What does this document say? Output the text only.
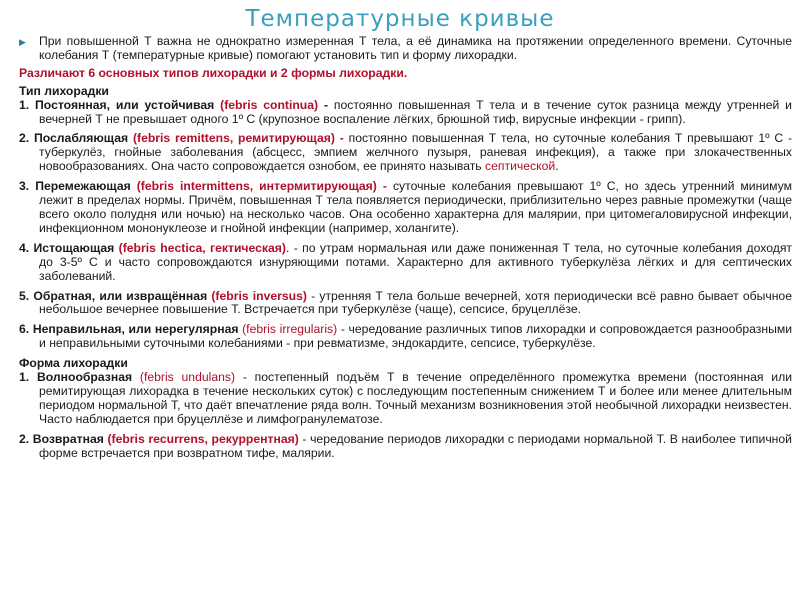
Температурные кривые
▶	При повышенной Т важна не однократно измеренная Т тела, а её динамика на протяжении определенного времени. Суточные колебания Т (температурные кривые) помогают установить тип и форму лихорадки.

Различают 6 основных типов лихорадки и 2 формы лихорадки.

Тип лихорадки

1. Постоянная, или устойчивая (febris continua) - постоянно повышенная Т тела и в течение суток разница между утренней и вечерней Т не превышает одного 1º С (крупозное воспаление лёгких, брюшной тиф, вирусные инфекции - грипп).

2. Послабляющая (febris remittens, ремитирующая) - постоянно повышенная Т тела, но суточные колебания Т превышают 1º С - туберкулёз, гнойные заболевания (абсцесс, эмпием желчного пузыря, раневая инфекция), а также при злокачественных новообразованиях. Она часто сопровождается ознобом, ее принято называть септической.

3. Перемежающая (febris intermittens, интермитирующая) - суточные колебания превышают 1º С, но здесь утренний минимум лежит в пределах нормы. Причём, повышенная Т тела появляется периодически, приблизительно через равные промежутки (чаще всего около полудня или ночью) на несколько часов. Она особенно характерна для малярии, при цитомегаловирусной инфекции, инфекционном мононуклеозе и гнойной инфекции (например, холангите).

4. Истощающая (febris hectica, гектическая). - по утрам нормальная или даже пониженная Т тела, но суточные колебания доходят до 3-5º С и часто сопровождаются изнуряющими потами. Характерно для активного туберкулёза лёгких и для септических заболеваний.

5. Обратная, или извращённая (febris inversus) - утренняя Т тела больше вечерней, хотя периодически всё равно бывает обычное небольшое вечернее повышение Т. Встречается при туберкулёзе (чаще), сепсисе, бруцеллёзе.

6. Неправильная, или нерегулярная (febris irregularis) - чередование различных типов лихорадки и сопровождается разнообразными и неправильными суточными колебаниями - при ревматизме, эндокардите, сепсисе, туберкулёзе.

Форма лихорадки

1. Волнообразная (febris undulans) - постепенный подъём Т в течение определённого промежутка времени (постоянная или ремитирующая лихорадка в течение нескольких суток) с последующим постепенным снижением Т и более или менее длительным периодом нормальной Т, что даёт впечатление ряда волн. Точный механизм возникновения этой необычной лихорадки неизвестен. Часто наблюдается при бруцеллёзе и лимфогранулематозе.

2. Возвратная (febris recurrens, рекуррентная) - чередование периодов лихорадки с периодами нормальной Т. В наиболее типичной форме встречается при возвратном тифе, малярии.
